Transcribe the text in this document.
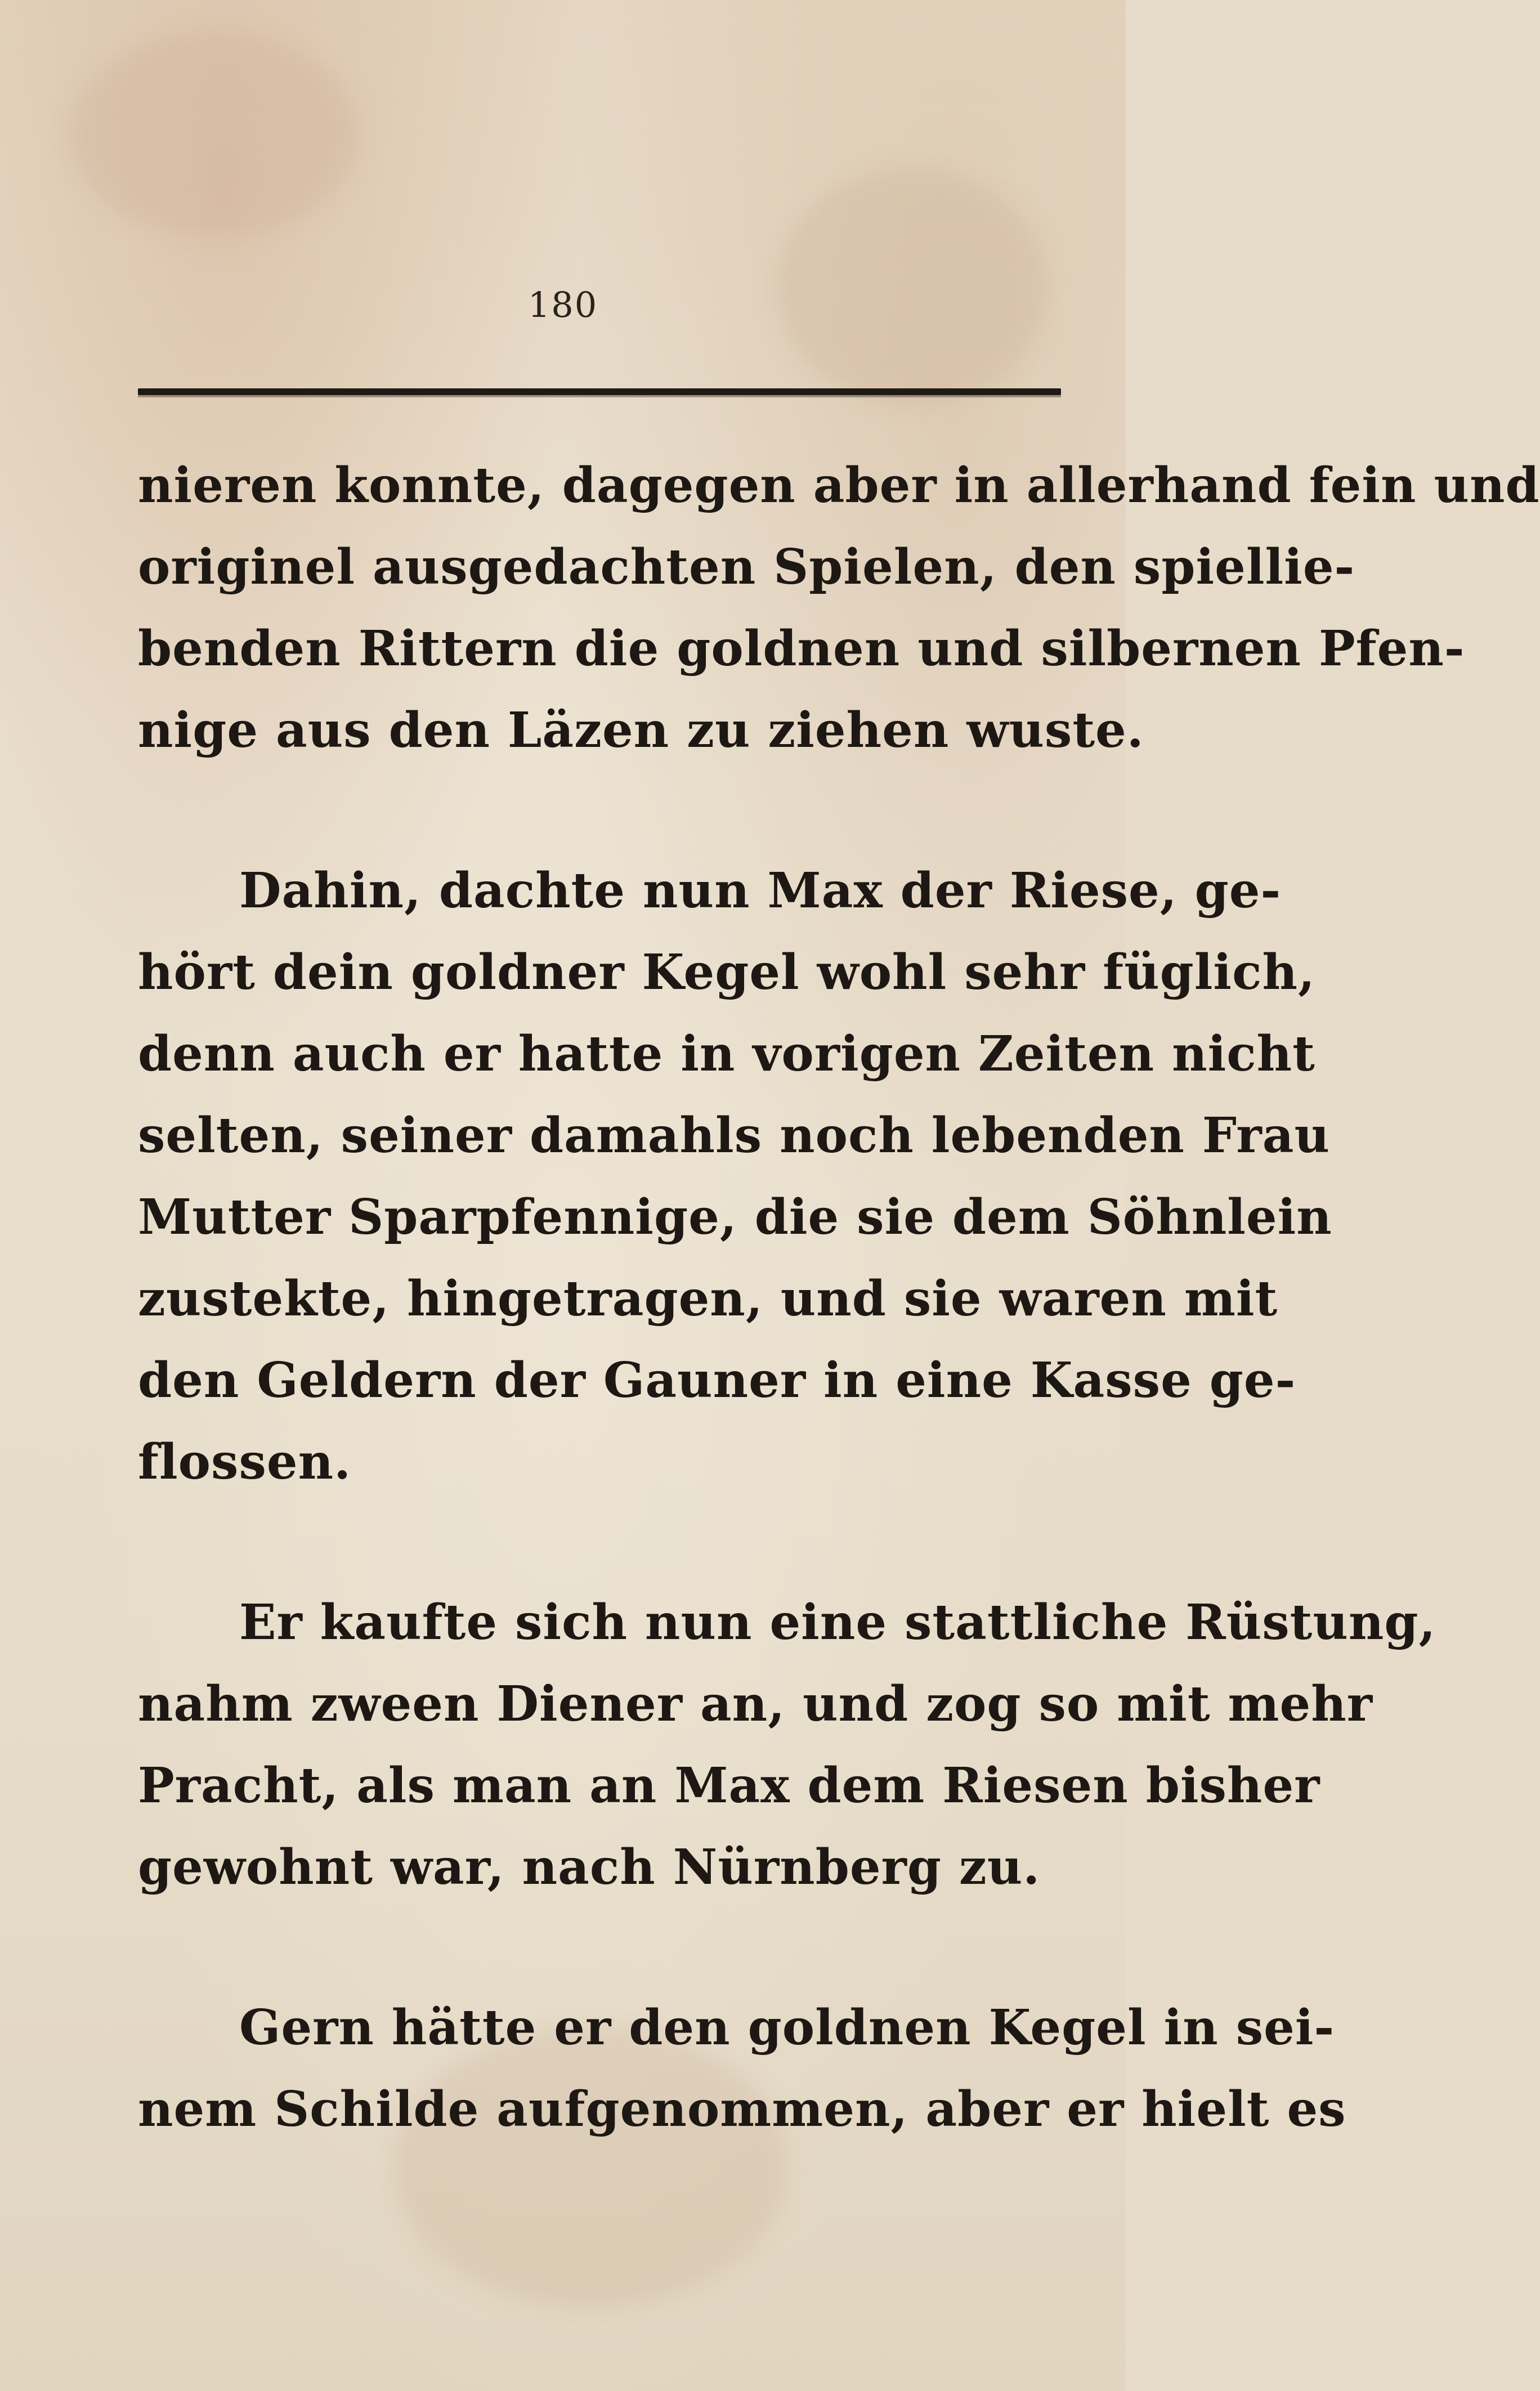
180
nieren konnte, dagegen aber in allerhand fein und
originel ausgedachten Spielen, den spiellie-
benden Rittern die goldnen und silbernen Pfen-
nige aus den Läzen zu ziehen wuste.
Dahin, dachte nun Max der Riese, ge-
hört dein goldner Kegel wohl sehr füglich,
denn auch er hatte in vorigen Zeiten nicht
selten, seiner damahls noch lebenden Frau
Mutter Sparpfennige, die sie dem Söhnlein
zustekte, hingetragen, und sie waren mit
den Geldern der Gauner in eine Kasse ge-
flossen.
Er kaufte sich nun eine stattliche Rüstung,
nahm zween Diener an, und zog so mit mehr
Pracht, als man an Max dem Riesen bisher
gewohnt war, nach Nürnberg zu.
Gern hätte er den goldnen Kegel in sei-
nem Schilde aufgenommen, aber er hielt es
